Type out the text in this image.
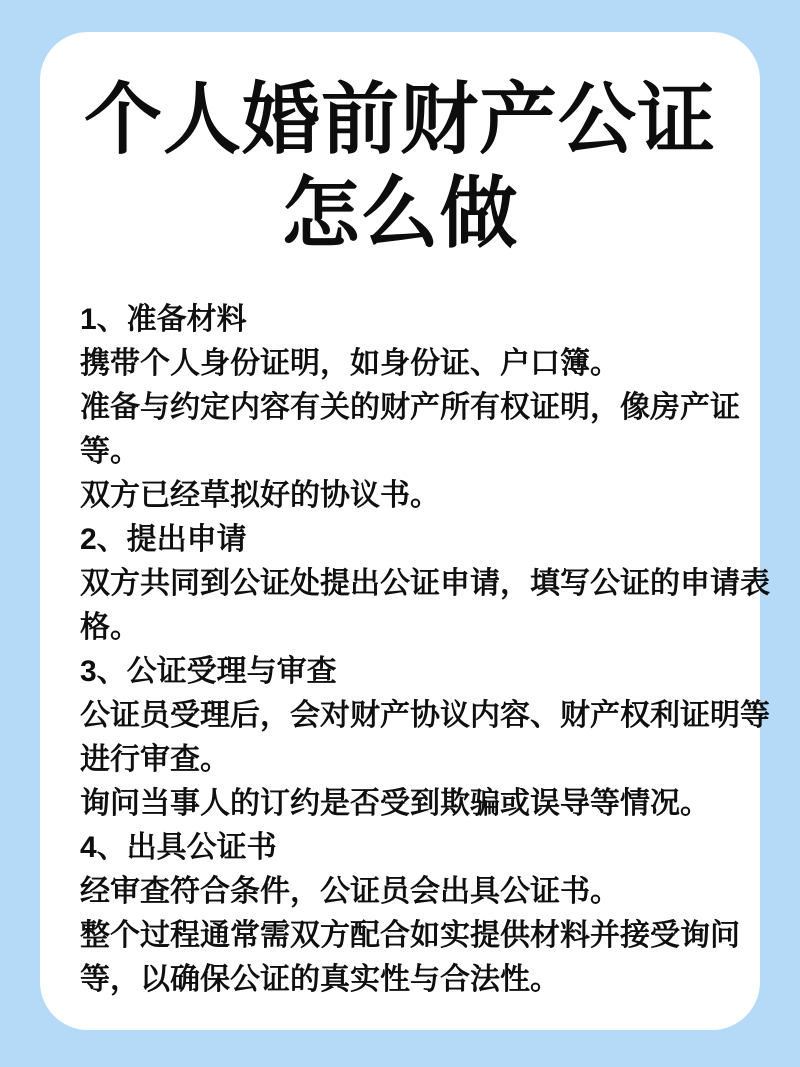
个人婚前财产公证
怎么做
1、准备材料
携带个人身份证明，如身份证、户口簿。
准备与约定内容有关的财产所有权证明，像房产证
等。
双方已经草拟好的协议书。
2、提出申请
双方共同到公证处提出公证申请，填写公证的申请表
格。
3、公证受理与审查
公证员受理后，会对财产协议内容、财产权利证明等
进行审查。
询问当事人的订约是否受到欺骗或误导等情况。
4、出具公证书
经审查符合条件，公证员会出具公证书。
整个过程通常需双方配合如实提供材料并接受询问
等，以确保公证的真实性与合法性。
